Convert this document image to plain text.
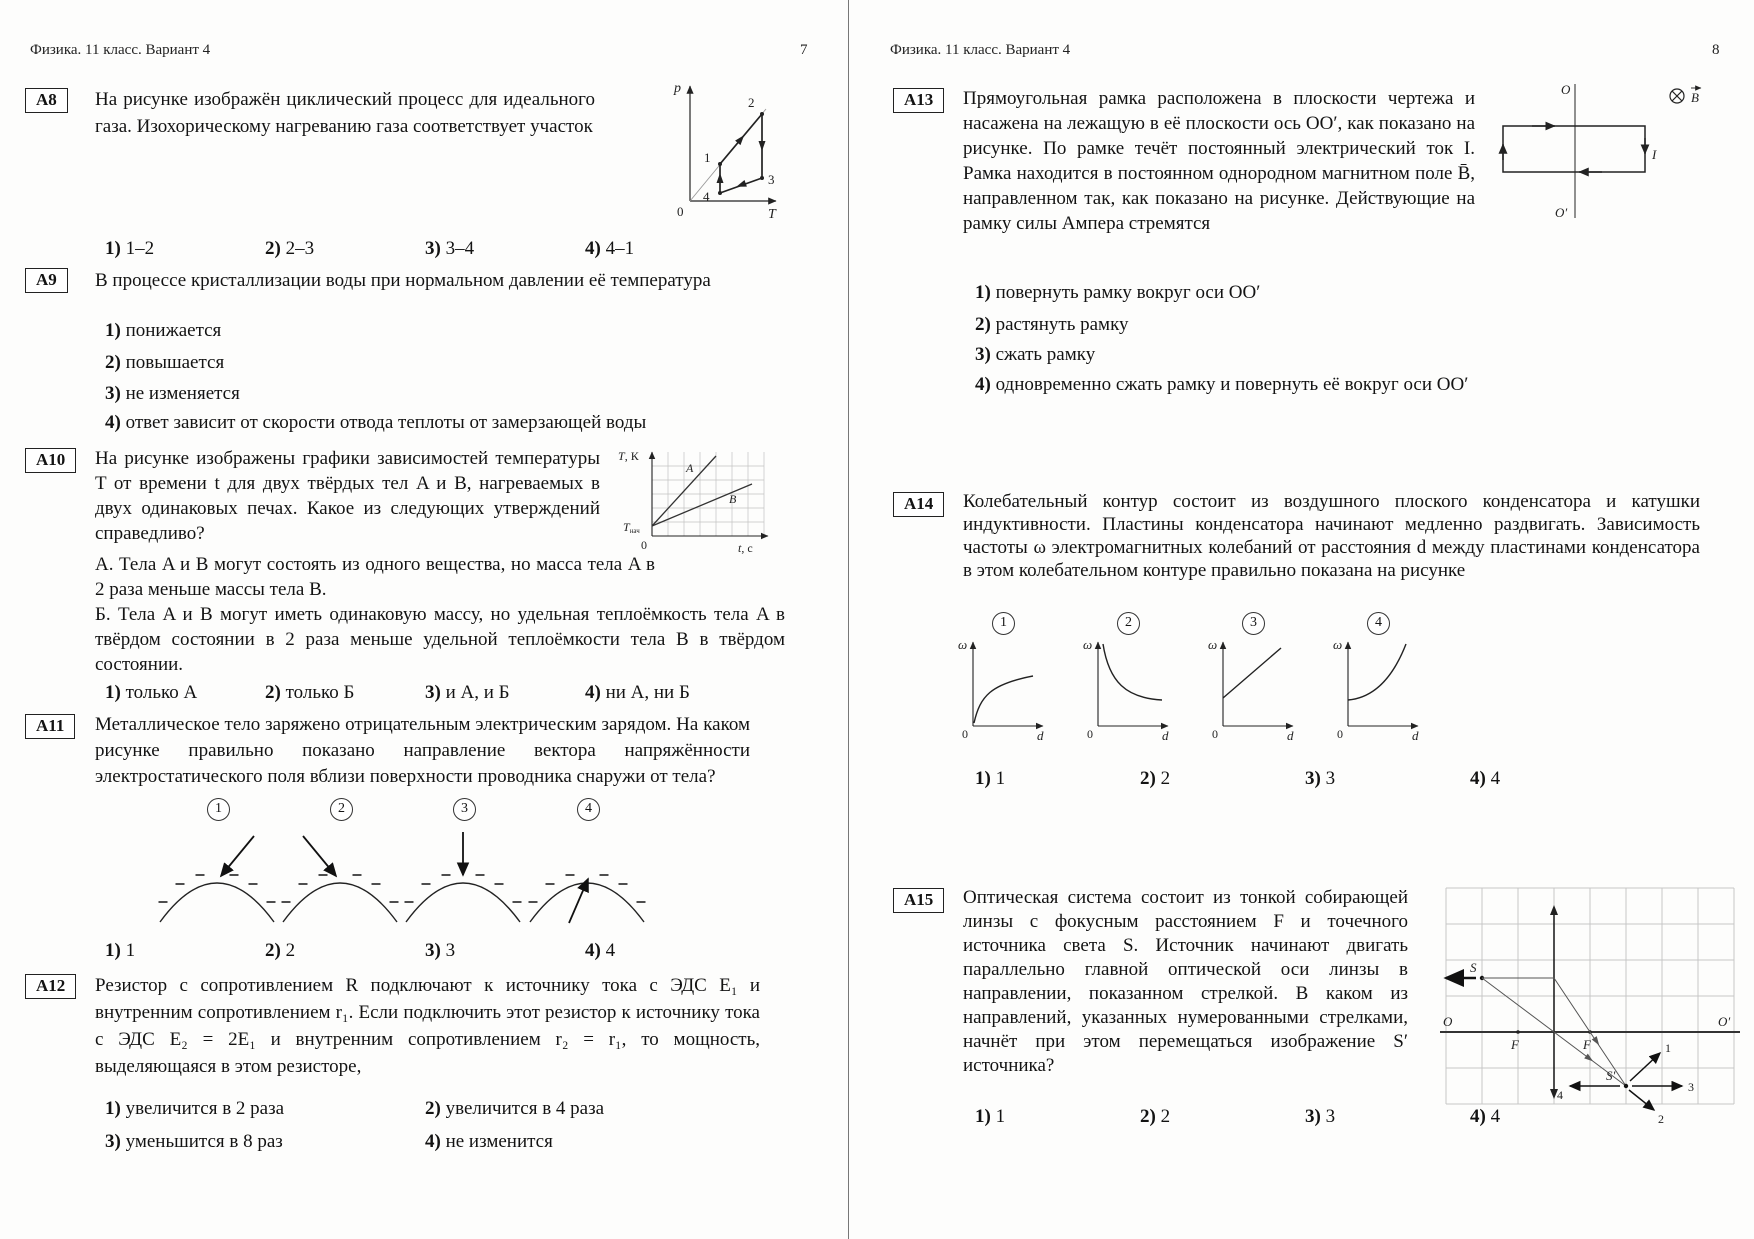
Физика. 11 класс. Вариант 4	7
А8	На рисунке изображён циклический процесс для идеального газа. Изохорическому нагреванию газа соответствует участок
p
T
0
1
2
3
4
1) 1–2	2) 2–3	3) 3–4	4) 4–1
А9	В процессе кристаллизации воды при нормальном давлении её температура
1) понижается
2) повышается
3) не изменяется
4) ответ зависит от скорости отвода теплоты от замерзающей воды
А10	На рисунке изображены графики зависимостей температуры T от времени t для двух твёрдых тел A и B, нагреваемых в двух одинаковых печах. Какое из следующих утверждений справедливо?
T, К
t, с
0
Tнач
A
B
А. Тела A и B могут состоять из одного вещества, но масса тела A в 2 раза меньше массы тела B.
Б. Тела A и B могут иметь одинаковую массу, но удельная теплоёмкость тела A в твёрдом состоянии в 2 раза меньше удельной теплоёмкости тела B в твёрдом состоянии.
1) только А	2) только Б	3) и А, и Б	4) ни А, ни Б
А11	Металлическое тело заряжено отрицательным электрическим зарядом. На каком рисунке правильно показано направление вектора напряжённости электростатического поля вблизи поверхности проводника снаружи от тела?
1	2	3	4
1) 1	2) 2	3) 3	4) 4
А12	Резистор с сопротивлением R подключают к источнику тока с ЭДС E₁ и внутренним сопротивлением r₁. Если подключить этот резистор к источнику тока с ЭДС E₂ = 2E₁ и внутренним сопротивлением r₂ = r₁, то мощность, выделяющаяся в этом резисторе,
1) увеличится в 2 раза	2) увеличится в 4 раза
3) уменьшится в 8 раз	4) не изменится
Физика. 11 класс. Вариант 4	8
А13	Прямоугольная рамка расположена в плоскости чертежа и насажена на лежащую в её плоскости ось OO′, как показано на рисунке. По рамке течёт постоянный электрический ток I. Рамка находится в постоянном однородном магнитном поле B̄, направленном так, как показано на рисунке. Действующие на рамку силы Ампера стремятся
O
O′
I
B
1) повернуть рамку вокруг оси OO′
2) растянуть рамку
3) сжать рамку
4) одновременно сжать рамку и повернуть её вокруг оси OO′
А14	Колебательный контур состоит из воздушного плоского конденсатора и катушки индуктивности. Пластины конденсатора начинают медленно раздвигать. Зависимость частоты ω электромагнитных колебаний от расстояния d между пластинами конденсатора в этом колебательном контуре правильно показана на рисунке
1	2	3	4
ω
d
0
ω
d
0
ω
d
0
ω
d
0
1) 1	2) 2	3) 3	4) 4
А15	Оптическая система состоит из тонкой собирающей линзы с фокусным расстоянием F и точечного источника света S. Источник начинают двигать параллельно главной оптической оси линзы в направлении, показанном стрелкой. В каком из направлений, указанных нумерованными стрелками, начнёт при этом перемещаться изображение S′ источника?
O	O′
F	F
S
S′
1
2
3
4
1) 1	2) 2	3) 3	4) 4
